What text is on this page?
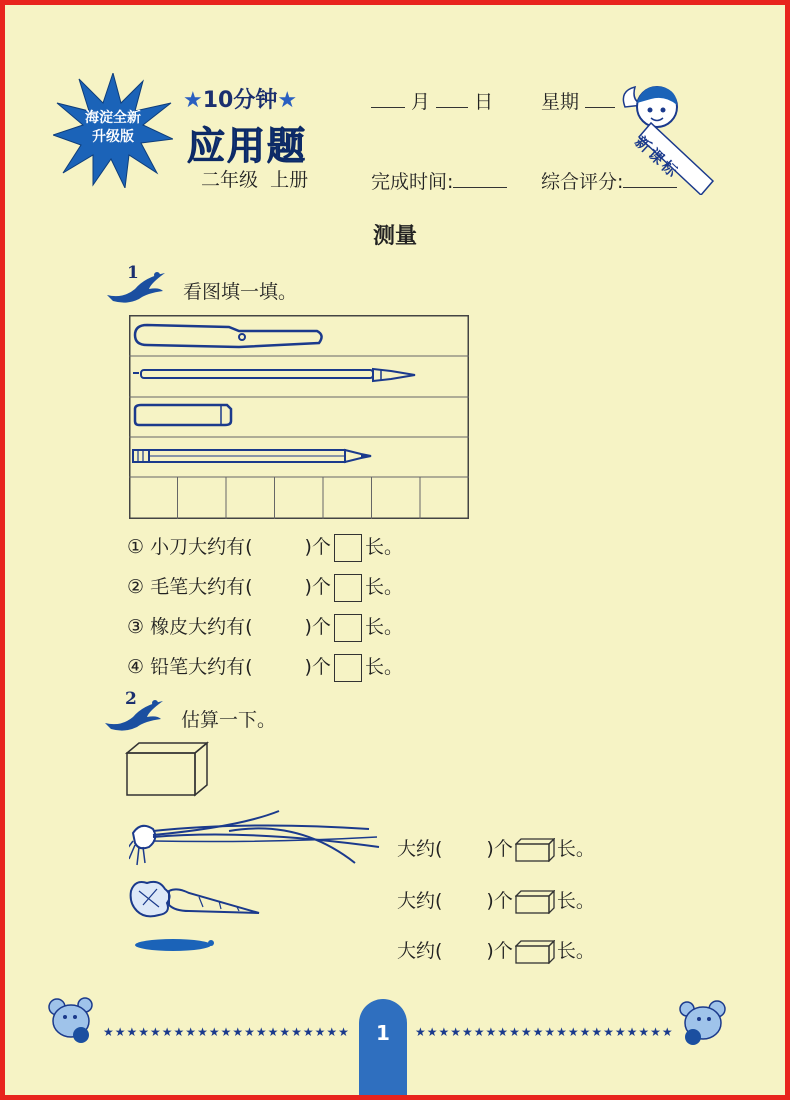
海淀全新
升级版
★10分钟★
应用题
月 日	星期
二年级 上册	完成时间:	综合评分: 新课标
测量
1
看图填一填。
① 小刀大约有(	)个 长。
② 毛笔大约有(	)个 长。
③ 橡皮大约有(	)个 长。
④ 铅笔大约有(	)个 长。
2
估算一下。
大约( )个 长。
大约( )个 长。
大约( )个 长。
★★★★★★★★★★★★★★★★★★★★★	1	★★★★★★★★★★★★★★★★★★★★★★
